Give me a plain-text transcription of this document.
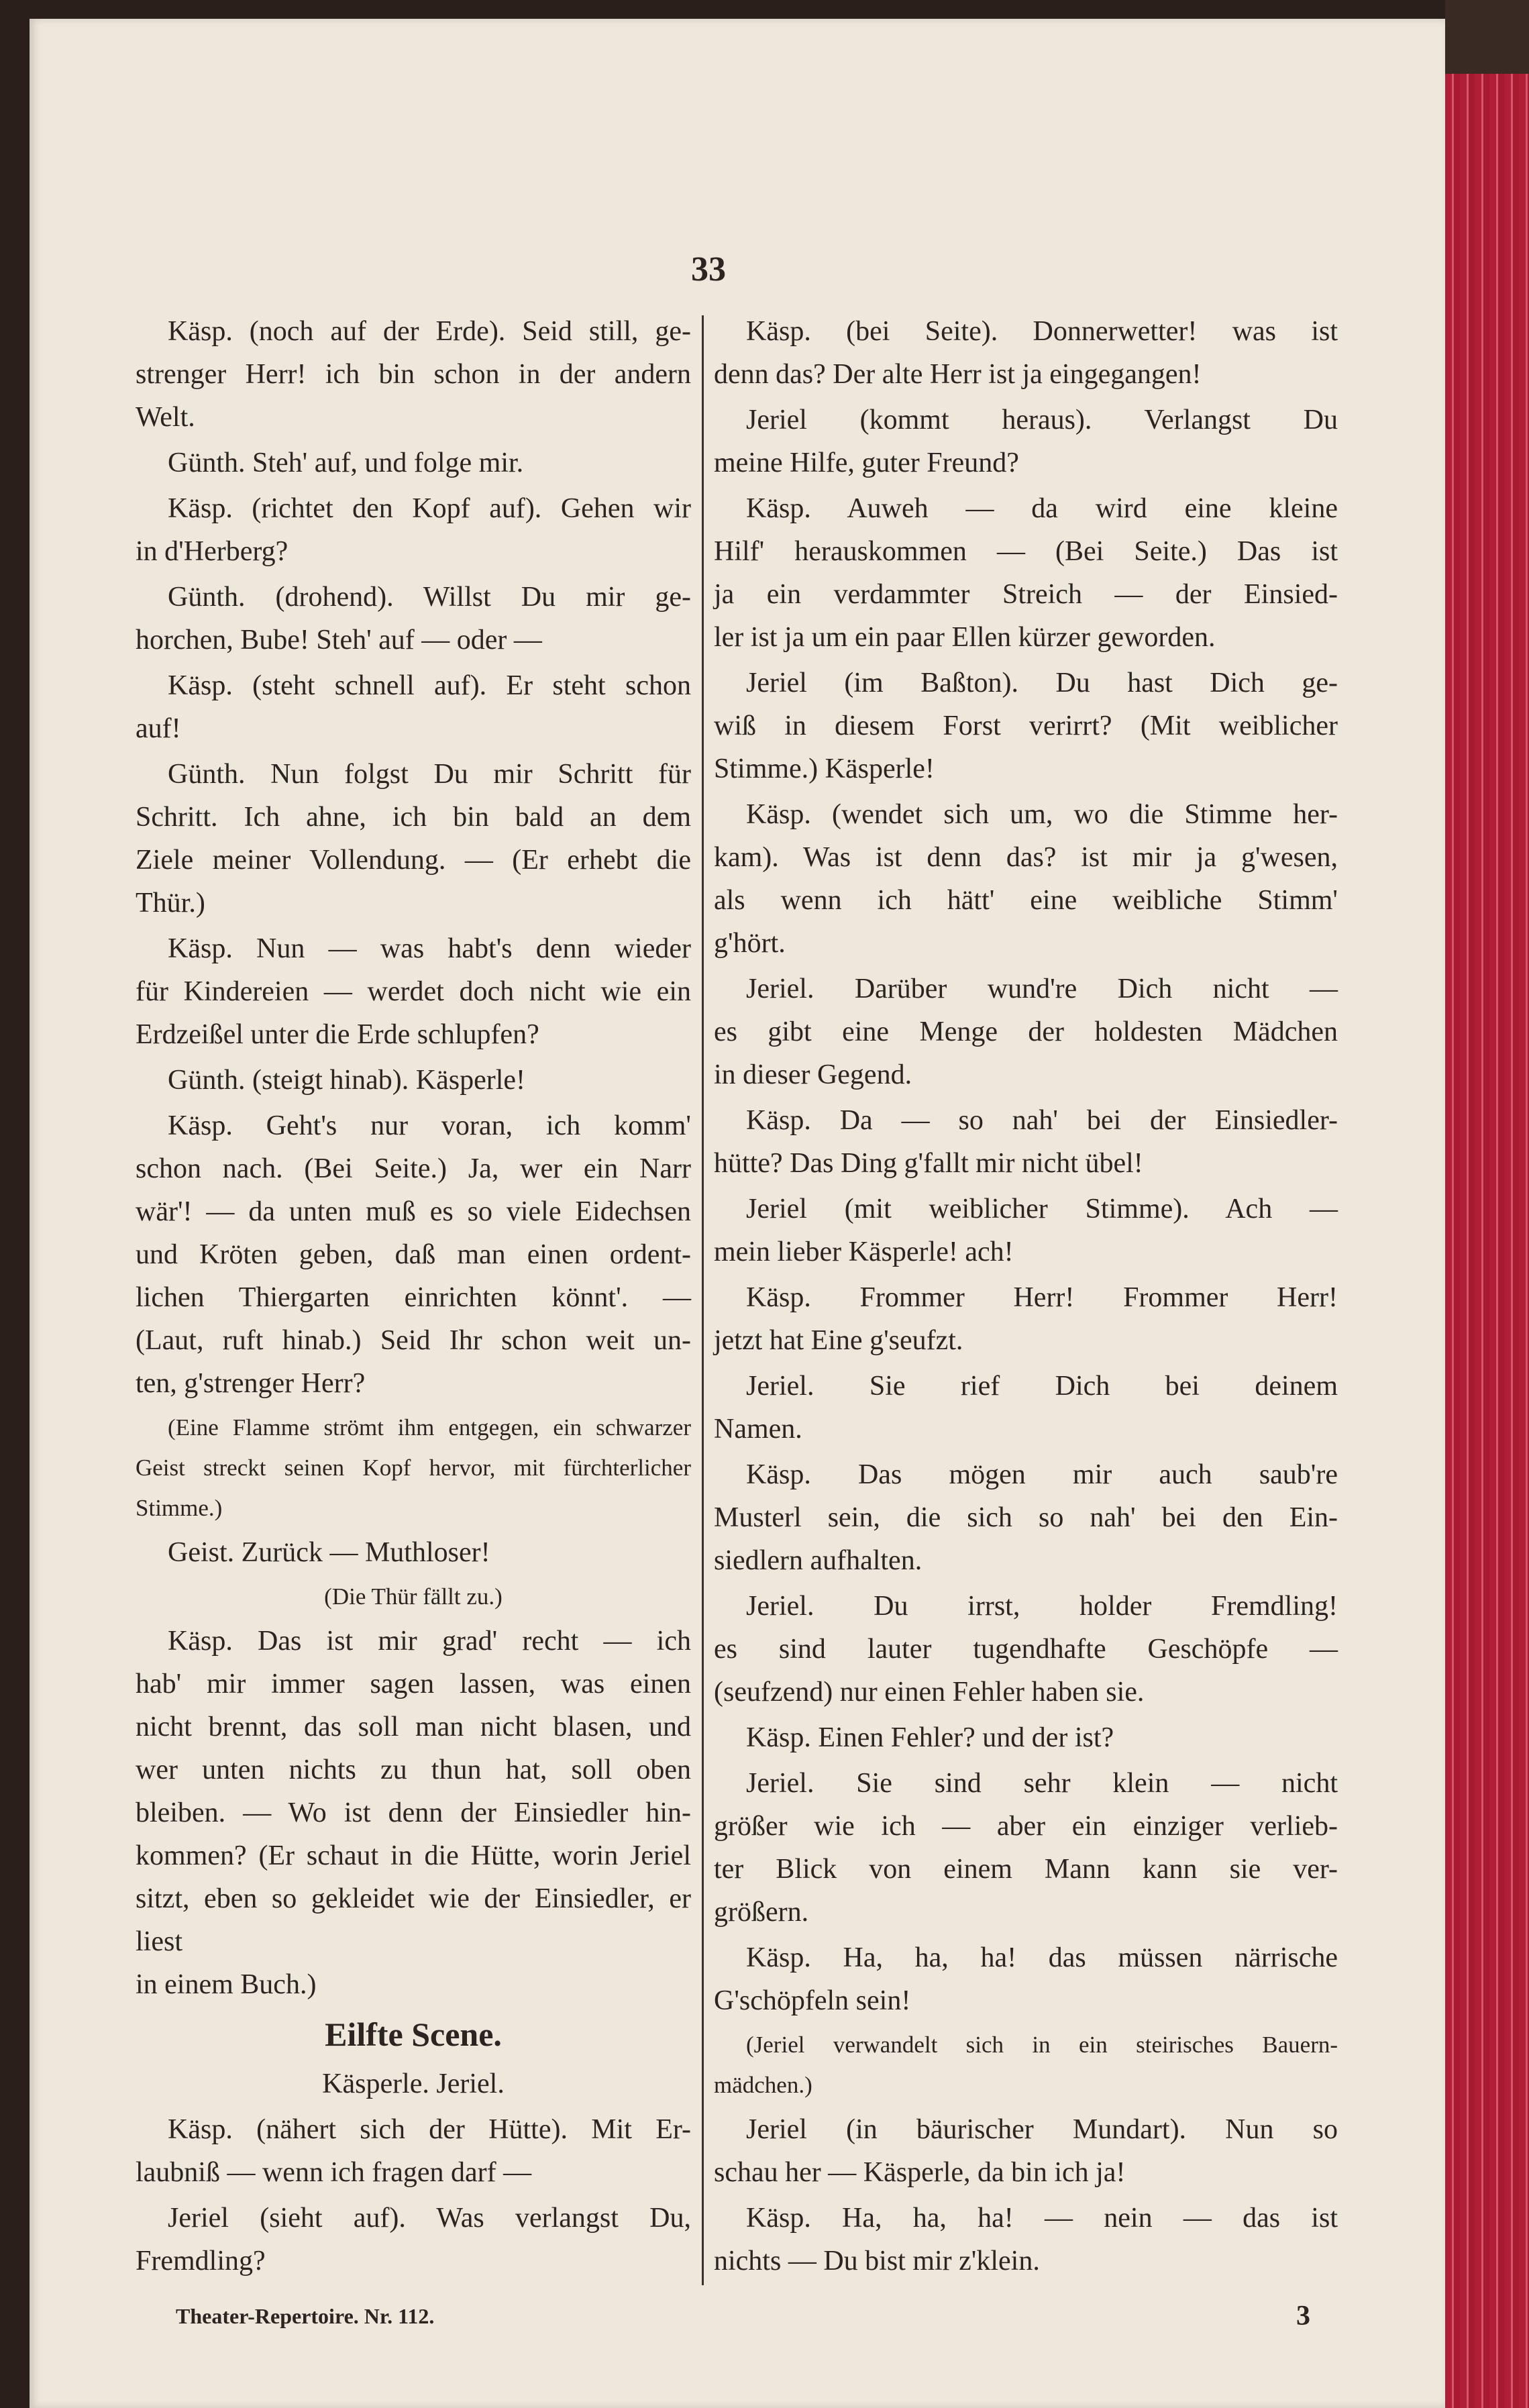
33
Käsp. (noch auf der Erde). Seid still, ge-
strenger Herr! ich bin schon in der andern
Welt.
Günth. Steh' auf, und folge mir.
Käsp. (richtet den Kopf auf). Gehen wir
in d'Herberg?
Günth. (drohend). Willst Du mir ge-
horchen, Bube! Steh' auf — oder —
Käsp. (steht schnell auf). Er steht schon
auf!
Günth. Nun folgst Du mir Schritt für
Schritt. Ich ahne, ich bin bald an dem
Ziele meiner Vollendung. — (Er erhebt die
Thür.)
Käsp. Nun — was habt's denn wieder
für Kindereien — werdet doch nicht wie ein
Erdzeißel unter die Erde schlupfen?
Günth. (steigt hinab). Käsperle!
Käsp. Geht's nur voran, ich komm'
schon nach. (Bei Seite.) Ja, wer ein Narr
wär'! — da unten muß es so viele Eidechsen
und Kröten geben, daß man einen ordent-
lichen Thiergarten einrichten könnt'. —
(Laut, ruft hinab.) Seid Ihr schon weit un-
ten, g'strenger Herr?
(Eine Flamme strömt ihm entgegen, ein schwarzer
Geist streckt seinen Kopf hervor, mit fürchterlicher
Stimme.)
Geist. Zurück — Muthloser!
(Die Thür fällt zu.)
Käsp. Das ist mir grad' recht — ich
hab' mir immer sagen lassen, was einen
nicht brennt, das soll man nicht blasen, und
wer unten nichts zu thun hat, soll oben
bleiben. — Wo ist denn der Einsiedler hin-
kommen? (Er schaut in die Hütte, worin Jeriel
sitzt, eben so gekleidet wie der Einsiedler, er liest
in einem Buch.)
Eilfte Scene.
Käsperle. Jeriel.
Käsp. (nähert sich der Hütte). Mit Er-
laubniß — wenn ich fragen darf —
Jeriel (sieht auf). Was verlangst Du,
Fremdling?
Käsp. (bei Seite). Donnerwetter! was ist
denn das? Der alte Herr ist ja eingegangen!
Jeriel (kommt heraus). Verlangst Du
meine Hilfe, guter Freund?
Käsp. Auweh — da wird eine kleine
Hilf' herauskommen — (Bei Seite.) Das ist
ja ein verdammter Streich — der Einsied-
ler ist ja um ein paar Ellen kürzer geworden.
Jeriel (im Baßton). Du hast Dich ge-
wiß in diesem Forst verirrt? (Mit weiblicher
Stimme.) Käsperle!
Käsp. (wendet sich um, wo die Stimme her-
kam). Was ist denn das? ist mir ja g'wesen,
als wenn ich hätt' eine weibliche Stimm'
g'hört.
Jeriel. Darüber wund're Dich nicht —
es gibt eine Menge der holdesten Mädchen
in dieser Gegend.
Käsp. Da — so nah' bei der Einsiedler-
hütte? Das Ding g'fallt mir nicht übel!
Jeriel (mit weiblicher Stimme). Ach —
mein lieber Käsperle! ach!
Käsp. Frommer Herr! Frommer Herr!
jetzt hat Eine g'seufzt.
Jeriel. Sie rief Dich bei deinem
Namen.
Käsp. Das mögen mir auch saub're
Musterl sein, die sich so nah' bei den Ein-
siedlern aufhalten.
Jeriel. Du irrst, holder Fremdling!
es sind lauter tugendhafte Geschöpfe —
(seufzend) nur einen Fehler haben sie.
Käsp. Einen Fehler? und der ist?
Jeriel. Sie sind sehr klein — nicht
größer wie ich — aber ein einziger verlieb-
ter Blick von einem Mann kann sie ver-
größern.
Käsp. Ha, ha, ha! das müssen närrische
G'schöpfeln sein!
(Jeriel verwandelt sich in ein steirisches Bauern-
mädchen.)
Jeriel (in bäurischer Mundart). Nun so
schau her — Käsperle, da bin ich ja!
Käsp. Ha, ha, ha! — nein — das ist
nichts — Du bist mir z'klein.
Theater-Repertoire. Nr. 112.	3
